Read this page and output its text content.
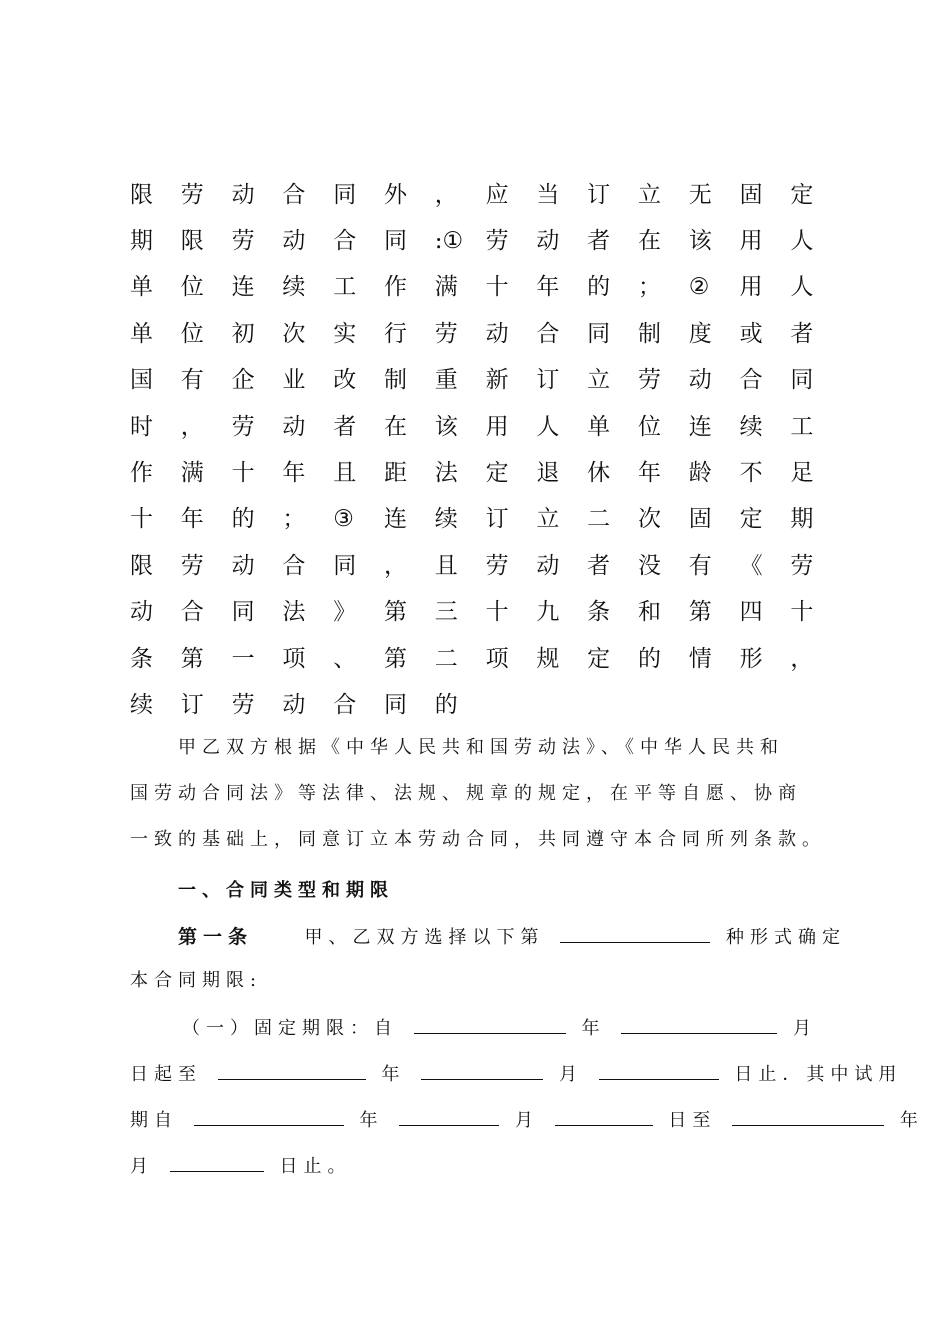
限	劳	动	合	同	外	，	应	当	订	立	无	固	定
期	限	劳	动	合	同	:① 劳	动	者	在	该	用	人
单	位	连	续	工	作	满	十	年	的	；	②	用	人
单	位	初	次	实	行	劳	动	合	同	制	度	或	者
国	有	企	业	改	制	重	新	订	立	劳	动	合	同
时	，	劳	动	者	在	该	用	人	单	位	连	续	工
作	满	十	年	且	距	法	定	退	休	年	龄	不	足
十	年	的	；	③	连	续	订	立	二	次	固	定	期
限	劳	动	合	同	，	且	劳	动	者	没	有	《	劳
动	合	同	法	》	第	三	十	九	条	和	第	四	十
条	第	一	项	、	第	二	项	规	定	的	情	形	，
续	订	劳	动	合	同	的
甲乙双方根据《中华人民共和国劳动法》、《中华人民共和
国劳动合同法》等法律、法规、规章的规定，在平等自愿、协商
一致的基础上，同意订立本劳动合同，共同遵守本合同所列条款。
一、合同类型和期限
第一条	甲、乙双方选择以下第	种形式确定
本合同期限:
（一）固定期限：自	年	月
日起至	年	月	日止．其中试用
期自	年	月	日至	年
月	日止。
